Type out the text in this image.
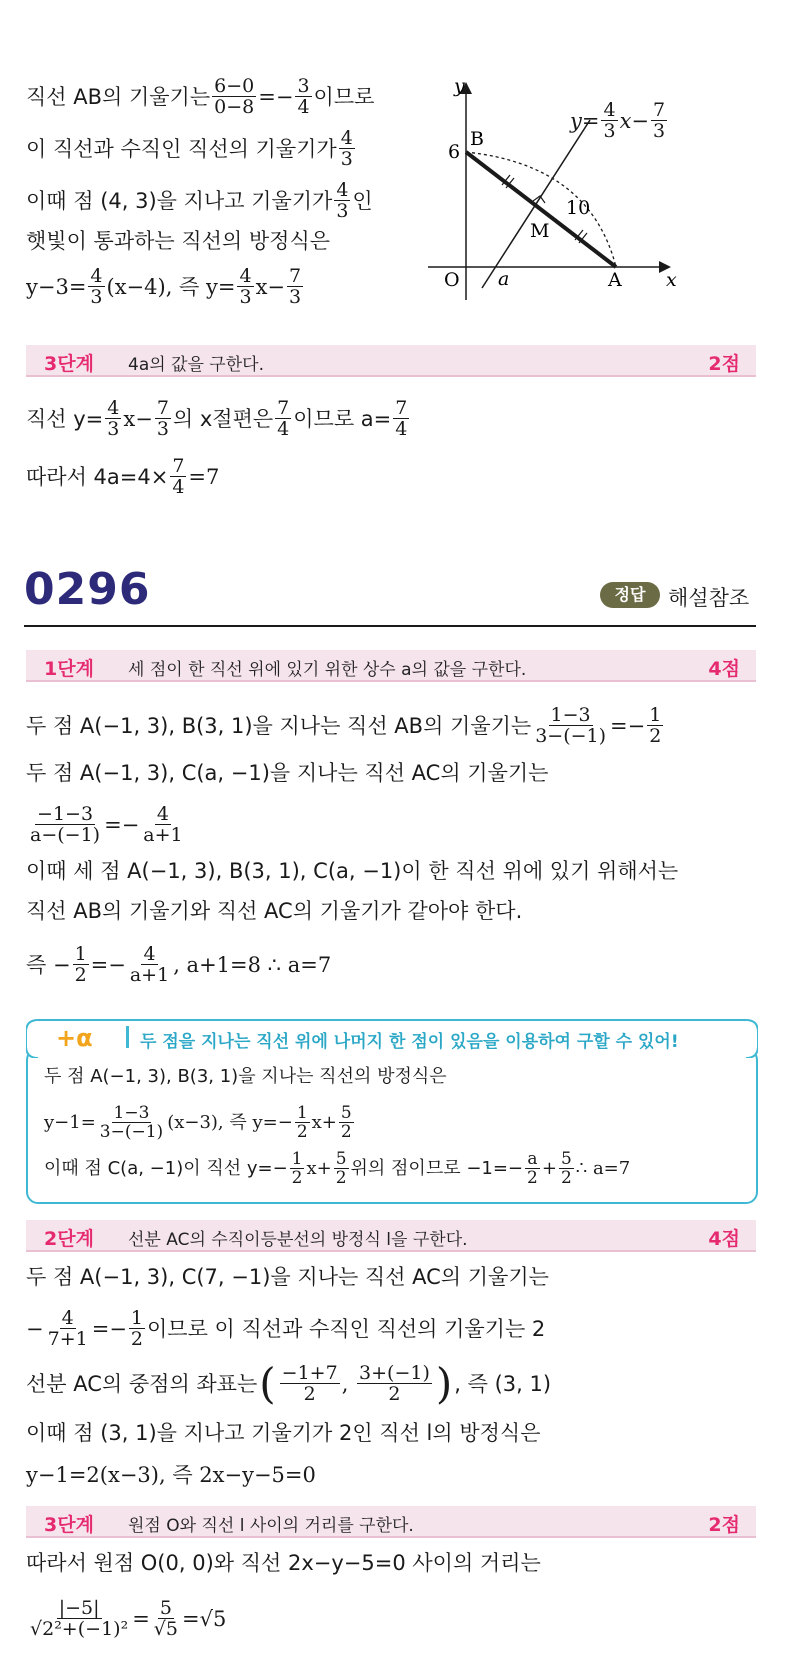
직선 AB의 기울기는 $\frac{6-0}{0-8} =- \frac{3}{4}$ 이므로
이 직선과 수직인 직선의 기울기가 $\frac{4}{3}$
이때 점 (4, 3)을 지나고 기울기가 $\frac{4}{3}$ 인
햇빛이 통과하는 직선의 방정식은
$y-3= \frac{4}{3} (x-4)$, 즉 $y= \frac{4}{3} x- \frac{7}{3}$
y
x
O
B
6
A
M
a
10
$y= \frac{4}{3} x- \frac{7}{3}$
3단계 4a의 값을 구한다.	2점
직선 $y= \frac{4}{3} x- \frac{7}{3}$ 의 x절편은 $\frac{7}{4}$ 이므로 $a= \frac{7}{4}$
따라서 $4a=4\times \frac{7}{4} =7$
0296	정답	해설참조
1단계 세 점이 한 직선 위에 있기 위한 상수 a의 값을 구한다.	4점
두 점 A(−1, 3), B(3, 1)을 지나는 직선 AB의 기울기는 $\frac{1-3}{3-(-1)} =- \frac{1}{2}$
두 점 A(−1, 3), C(a, −1)을 지나는 직선 AC의 기울기는
$\frac{-1-3}{a-(-1)} =- \frac{4}{a+1}$
이때 세 점 A(−1, 3), B(3, 1), C(a, −1)이 한 직선 위에 있기 위해서는
직선 AB의 기울기와 직선 AC의 기울기가 같아야 한다.
즉 − $\frac{1}{2} =- \frac{4}{a+1}$ , a+1=8 ∴ a=7
+α	두 점을 지나는 직선 위에 나머지 한 점이 있음을 이용하여 구할 수 있어!
두 점 A(−1, 3), B(3, 1)을 지나는 직선의 방정식은
$y-1= \frac{1-3}{3-(-1)} (x-3)$, 즉 $y=- \frac{1}{2} x+ \frac{5}{2}$
이때 점 C(a, −1)이 직선 $y=- \frac{1}{2} x+ \frac{5}{2}$ 위의 점이므로 $-1=- \frac{a}{2} + \frac{5}{2}$ ∴ a=7
2단계 선분 AC의 수직이등분선의 방정식 l을 구한다.	4점
두 점 A(−1, 3), C(7, −1)을 지나는 직선 AC의 기울기는
− $\frac{4}{7+1} =- \frac{1}{2}$ 이므로 이 직선과 수직인 직선의 기울기는 2
선분 AC의 중점의 좌표는 ( $\frac{-1+7}{2}$ , $\frac{3+(-1)}{2}$ ) , 즉 (3, 1)
이때 점 (3, 1)을 지나고 기울기가 2인 직선 l의 방정식은
y−1=2(x−3), 즉 2x−y−5=0
3단계 원점 O와 직선 l 사이의 거리를 구한다.	2점
따라서 원점 O(0, 0)와 직선 2x−y−5=0 사이의 거리는
$\frac{|-5|}{\text{√2²+(−1)²}} = \frac{5}{√5} =√5$
